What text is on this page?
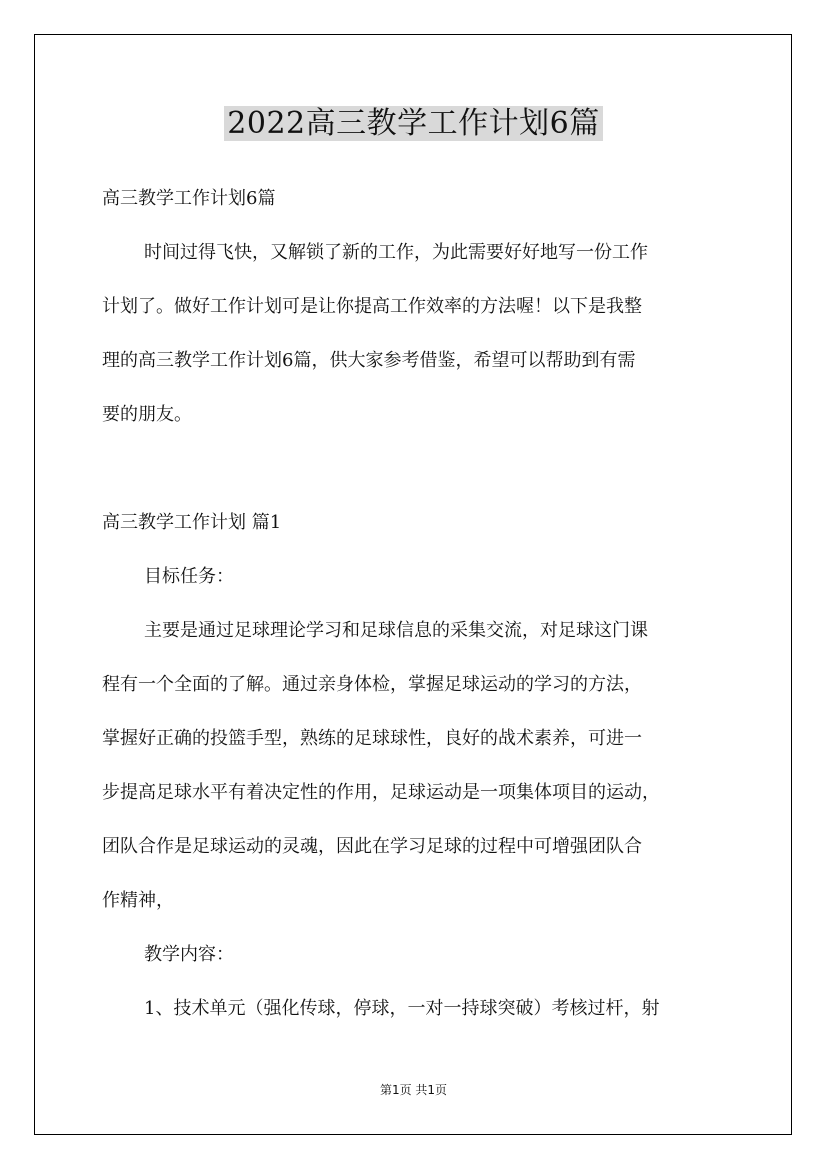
2022高三教学工作计划6篇
高三教学工作计划6篇
时间过得飞快，又解锁了新的工作，为此需要好好地写一份工作
计划了。做好工作计划可是让你提高工作效率的方法喔！以下是我整
理的高三教学工作计划6篇，供大家参考借鉴，希望可以帮助到有需
要的朋友。
高三教学工作计划 篇1
目标任务：
主要是通过足球理论学习和足球信息的采集交流，对足球这门课
程有一个全面的了解。通过亲身体检，掌握足球运动的学习的方法，
掌握好正确的投篮手型，熟练的足球球性，良好的战术素养，可进一
步提高足球水平有着决定性的作用，足球运动是一项集体项目的运动，
团队合作是足球运动的灵魂，因此在学习足球的过程中可增强团队合
作精神，
教学内容：
1、技术单元（强化传球，停球，一对一持球突破）考核过杆，射
第1页 共1页
